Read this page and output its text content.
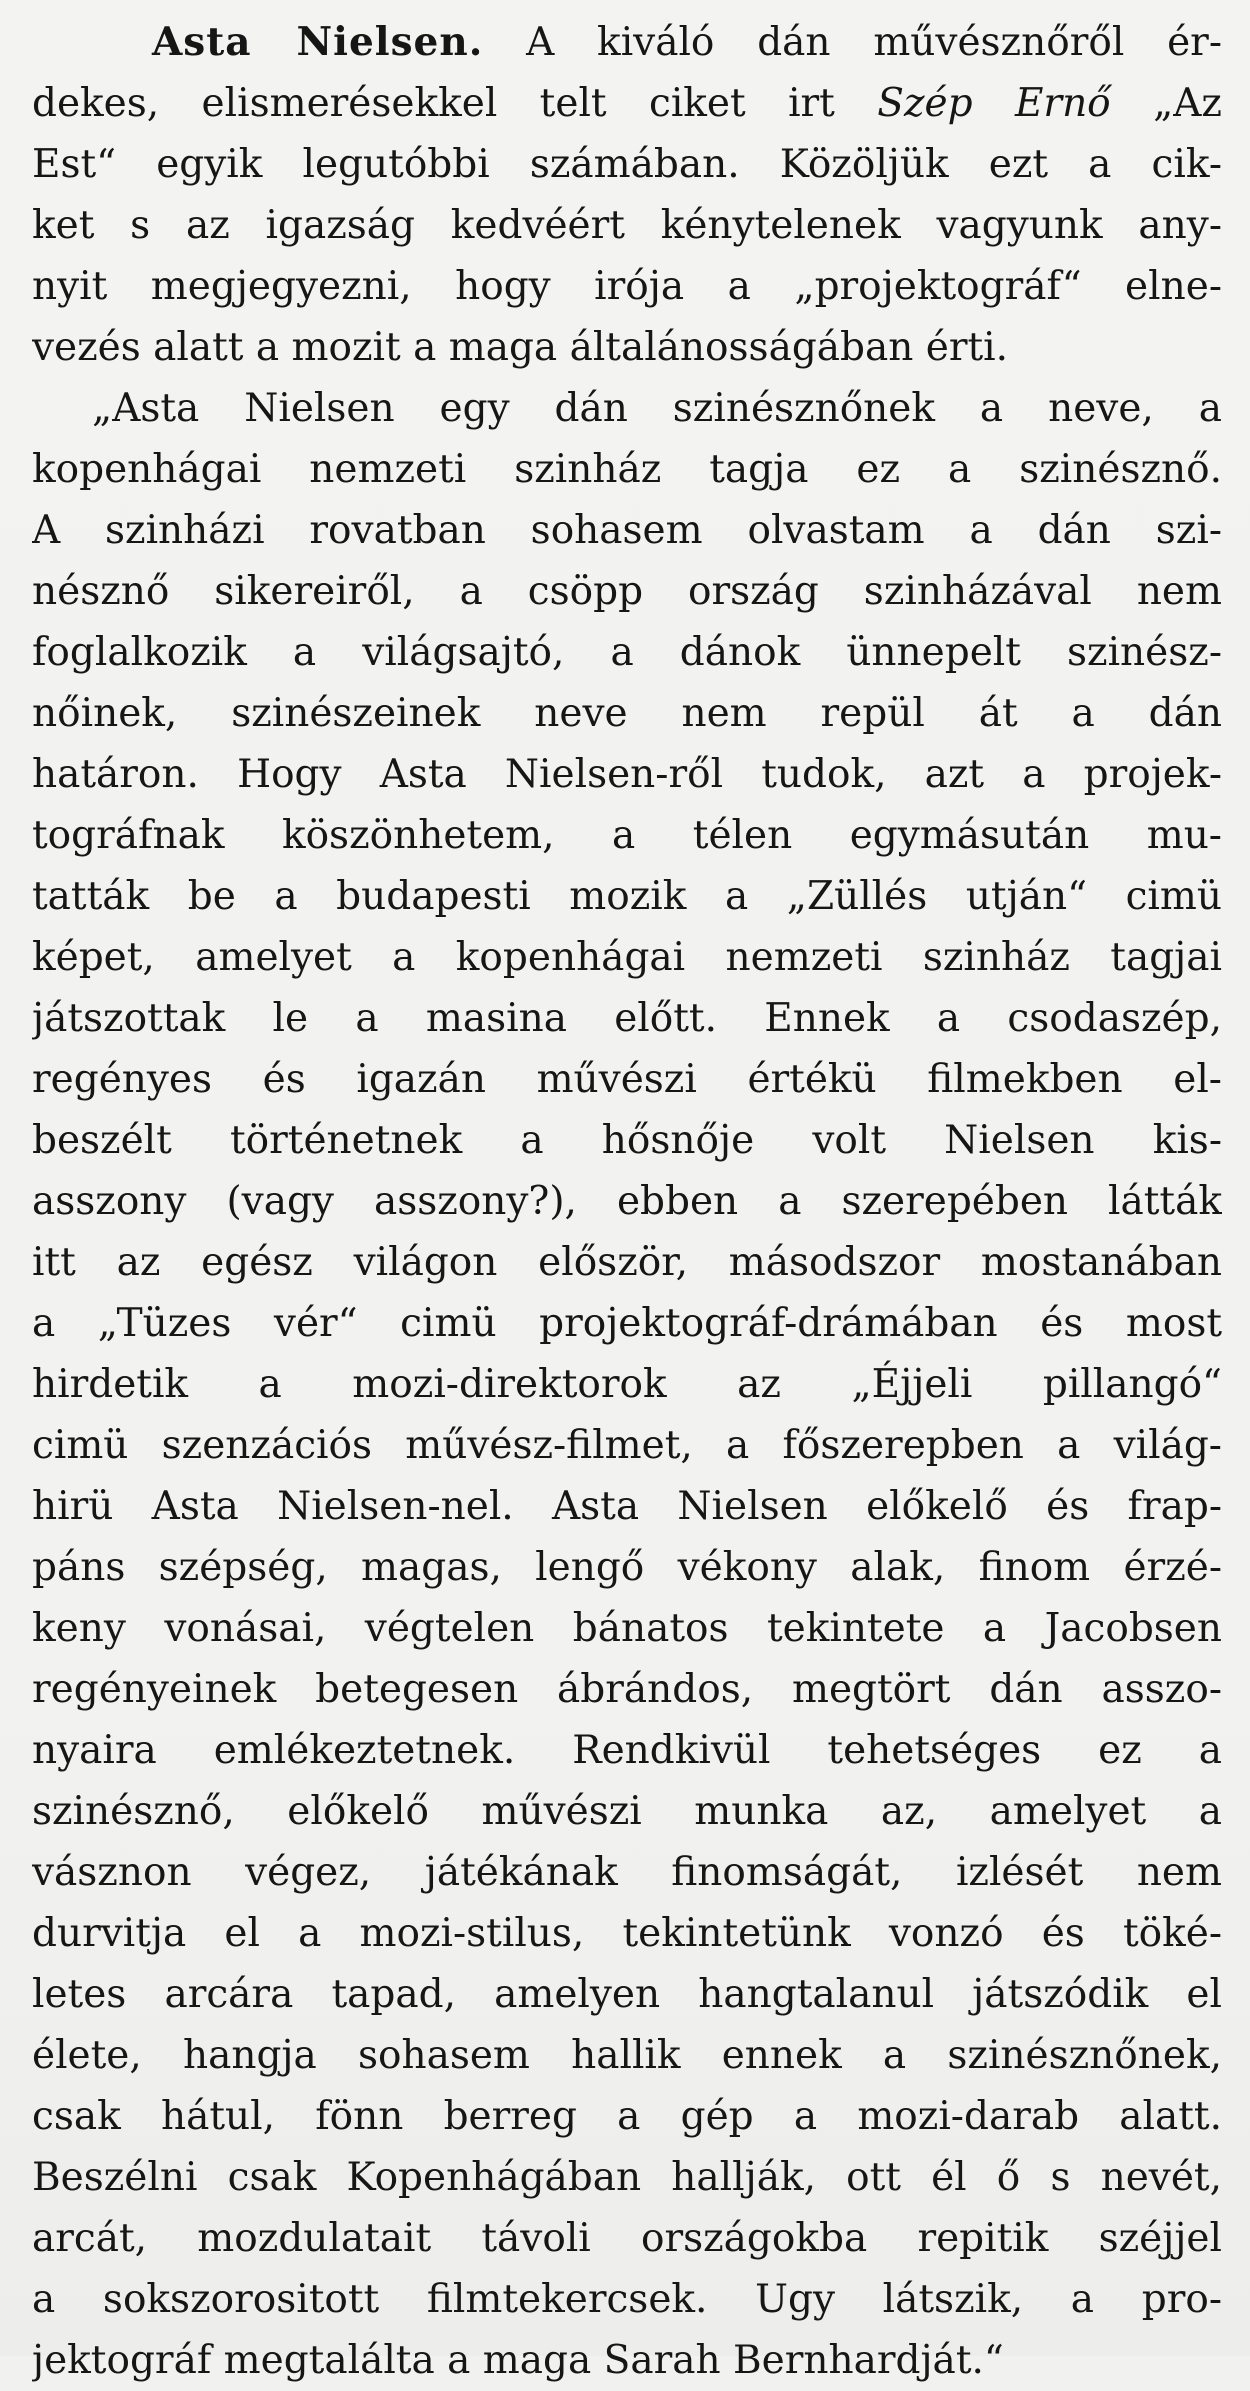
Asta Nielsen. A kiváló dán művésznőről ér-
dekes, elismerésekkel telt ciket irt Szép Ernő „Az
Est“ egyik legutóbbi számában. Közöljük ezt a cik-
ket s az igazság kedvéért kénytelenek vagyunk any-
nyit megjegyezni, hogy irója a „projektográf“ elne-
vezés alatt a mozit a maga általánosságában érti.
„Asta Nielsen egy dán szinésznőnek a neve, a
kopenhágai nemzeti szinház tagja ez a szinésznő.
A szinházi rovatban sohasem olvastam a dán szi-
nésznő sikereiről, a csöpp ország szinházával nem
foglalkozik a világsajtó, a dánok ünnepelt szinész-
nőinek, szinészeinek neve nem repül át a dán
határon. Hogy Asta Nielsen-ről tudok, azt a projek-
tográfnak köszönhetem, a télen egymásután mu-
tatták be a budapesti mozik a „Züllés utján“ cimü
képet, amelyet a kopenhágai nemzeti szinház tagjai
játszottak le a masina előtt. Ennek a csodaszép,
regényes és igazán művészi értékü filmekben el-
beszélt történetnek a hősnője volt Nielsen kis-
asszony (vagy asszony?), ebben a szerepében látták
itt az egész világon először, másodszor mostanában
a „Tüzes vér“ cimü projektográf-drámában és most
hirdetik a mozi-direktorok az „Éjjeli pillangó“
cimü szenzációs művész-filmet, a főszerepben a világ-
hirü Asta Nielsen-nel. Asta Nielsen előkelő és frap-
páns szépség, magas, lengő vékony alak, finom érzé-
keny vonásai, végtelen bánatos tekintete a Jacobsen
regényeinek betegesen ábrándos, megtört dán asszo-
nyaira emlékeztetnek. Rendkivül tehetséges ez a
szinésznő, előkelő művészi munka az, amelyet a
vásznon végez, játékának finomságát, izlését nem
durvitja el a mozi-stilus, tekintetünk vonzó és töké-
letes arcára tapad, amelyen hangtalanul játszódik el
élete, hangja sohasem hallik ennek a szinésznőnek,
csak hátul, fönn berreg a gép a mozi-darab alatt.
Beszélni csak Kopenhágában hallják, ott él ő s nevét,
arcát, mozdulatait távoli országokba repitik széjjel
a sokszorositott filmtekercsek. Ugy látszik, a pro-
jektográf megtalálta a maga Sarah Bernhardját.“
